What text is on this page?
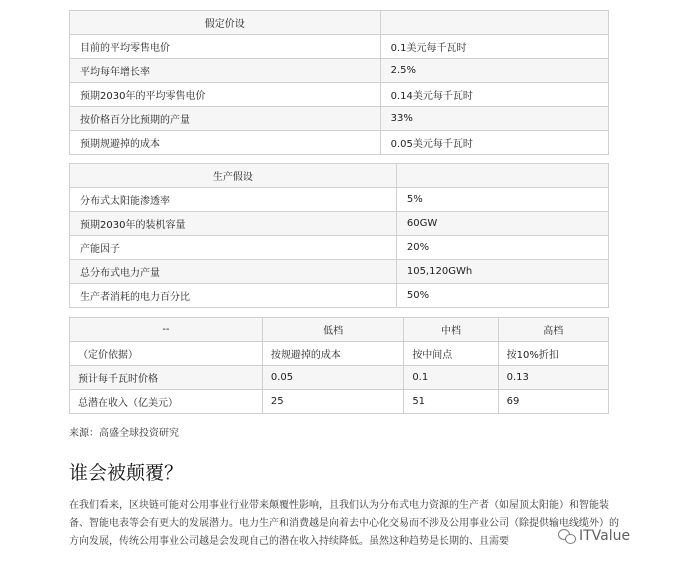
假定价设	
目前的平均零售电价	0.1美元每千瓦时
平均每年增长率	2.5%
预期2030年的平均零售电价	0.14美元每千瓦时
按价格百分比预期的产量	33%
预期规避掉的成本	0.05美元每千瓦时
生产假设	
分布式太阳能渗透率	5%
预期2030年的装机容量	60GW
产能因子	20%
总分布式电力产量	105,120GWh
生产者消耗的电力百分比	50%
--	低档	中档	高档
（定价依据）	按规避掉的成本	按中间点	按10%折扣
预计每千瓦时价格	0.05	0.1	0.13
总潜在收入（亿美元）	25	51	69
来源：高盛全球投资研究
谁会被颠覆？
在我们看来，区块链可能对公用事业行业带来颠覆性影响，且我们认为分布式电力资源的生产者（如屋顶太阳能）和智能装备、智能电表等会有更大的发展潜力。电力生产和消费越是向着去中心化交易而不涉及公用事业公司（除提供输电线缆外）的方向发展，传统公用事业公司越是会发现自己的潜在收入持续降低。虽然这种趋势是长期的、且需要	ITValue
